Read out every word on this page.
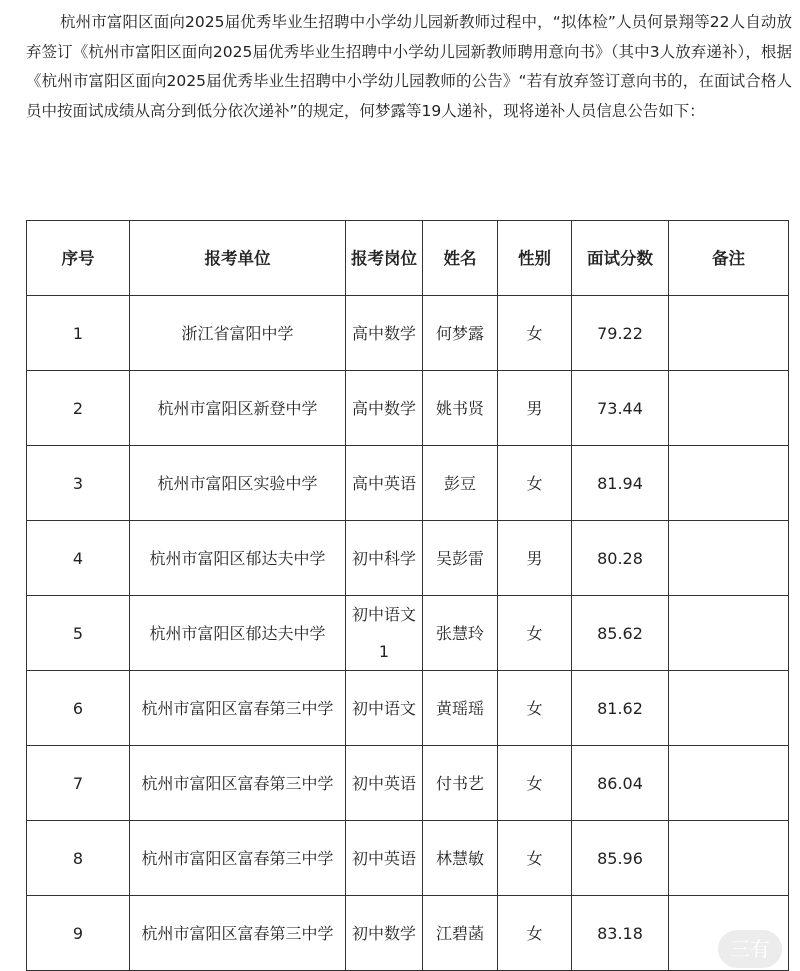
杭州市富阳区面向2025届优秀毕业生招聘中小学幼儿园新教师过程中，“拟体检”人员何景翔等22人自动放弃签订《杭州市富阳区面向2025届优秀毕业生招聘中小学幼儿园新教师聘用意向书》（其中3人放弃递补），根据《杭州市富阳区面向2025届优秀毕业生招聘中小学幼儿园教师的公告》“若有放弃签订意向书的，在面试合格人员中按面试成绩从高分到低分依次递补”的规定，何梦露等19人递补，现将递补人员信息公告如下：

序号	报考单位	报考岗位	姓名	性别	面试分数	备注
1	浙江省富阳中学	高中数学	何梦露	女	79.22	
2	杭州市富阳区新登中学	高中数学	姚书贤	男	73.44	
3	杭州市富阳区实验中学	高中英语	彭豆	女	81.94	
4	杭州市富阳区郁达夫中学	初中科学	吴彭雷	男	80.28	
5	杭州市富阳区郁达夫中学	初中语文1	张慧玲	女	85.62	
6	杭州市富阳区富春第三中学	初中语文	黄瑶瑶	女	81.62	
7	杭州市富阳区富春第三中学	初中英语	付书艺	女	86.04	
8	杭州市富阳区富春第三中学	初中英语	林慧敏	女	85.96	
9	杭州市富阳区富春第三中学	初中数学	江碧菡	女	83.18	
三有
